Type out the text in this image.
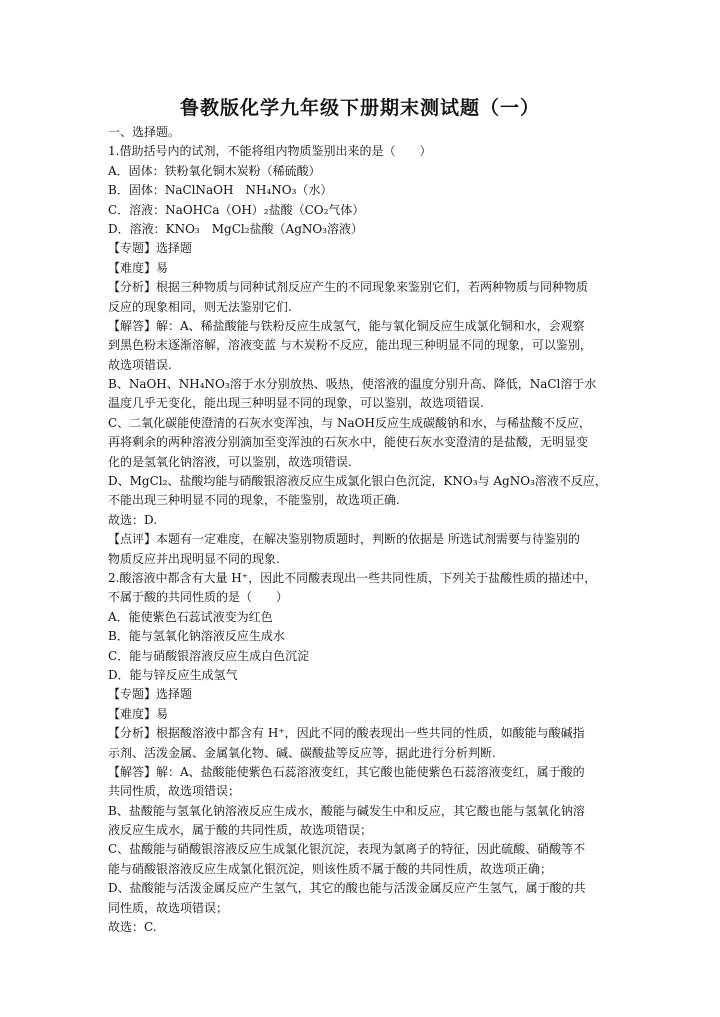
鲁教版化学九年级下册期末测试题（一）
一、选择题。
1.借助括号内的试剂，不能将组内物质鉴别出来的是（　　）
A．固体：铁粉氧化铜木炭粉（稀硫酸）
B．固体：NaClNaOH　NH₄NO₃（水）
C．溶液：NaOHCa（OH）₂盐酸（CO₂气体）
D．溶液：KNO₃　MgCl₂盐酸（AgNO₃溶液）
【专题】选择题
【难度】易
【分析】根据三种物质与同种试剂反应产生的不同现象来鉴别它们，若两种物质与同种物质
反应的现象相同，则无法鉴别它们.
【解答】解：A、稀盐酸能与铁粉反应生成氢气，能与氧化铜反应生成氯化铜和水，会观察
到黑色粉末逐渐溶解，溶液变蓝 与木炭粉不反应，能出现三种明显不同的现象，可以鉴别，
故选项错误.
B、NaOH、NH₄NO₃溶于水分别放热、吸热，使溶液的温度分别升高、降低，NaCl溶于水
温度几乎无变化，能出现三种明显不同的现象，可以鉴别，故选项错误.
C、二氧化碳能使澄清的石灰水变浑浊，与 NaOH反应生成碳酸钠和水，与稀盐酸不反应，
再将剩余的两种溶液分别滴加至变浑浊的石灰水中，能使石灰水变澄清的是盐酸，无明显变
化的是氢氧化钠溶液，可以鉴别，故选项错误.
D、MgCl₂、盐酸均能与硝酸银溶液反应生成氯化银白色沉淀，KNO₃与 AgNO₃溶液不反应，
不能出现三种明显不同的现象，不能鉴别，故选项正确.
故选：D.
【点评】本题有一定难度，在解决鉴别物质题时，判断的依据是 所选试剂需要与待鉴别的
物质反应并出现明显不同的现象.
2.酸溶液中都含有大量 H⁺，因此不同酸表现出一些共同性质，下列关于盐酸性质的描述中，
不属于酸的共同性质的是（　　）
A．能使紫色石蕊试液变为红色
B．能与氢氧化钠溶液反应生成水
C．能与硝酸银溶液反应生成白色沉淀
D．能与锌反应生成氢气
【专题】选择题
【难度】易
【分析】根据酸溶液中都含有 H⁺，因此不同的酸表现出一些共同的性质，如酸能与酸碱指
示剂、活泼金属、金属氧化物、碱、碳酸盐等反应等，据此进行分析判断.
【解答】解：A、盐酸能使紫色石蕊溶液变红，其它酸也能使紫色石蕊溶液变红，属于酸的
共同性质，故选项错误；
B、盐酸能与氢氧化钠溶液反应生成水，酸能与碱发生中和反应，其它酸也能与氢氧化钠溶
液反应生成水，属于酸的共同性质，故选项错误；
C、盐酸能与硝酸银溶液反应生成氯化银沉淀，表现为氯离子的特征，因此硫酸、硝酸等不
能与硝酸银溶液反应生成氯化银沉淀，则该性质不属于酸的共同性质，故选项正确；
D、盐酸能与活泼金属反应产生氢气，其它的酸也能与活泼金属反应产生氢气，属于酸的共
同性质，故选项错误；
故选：C.
